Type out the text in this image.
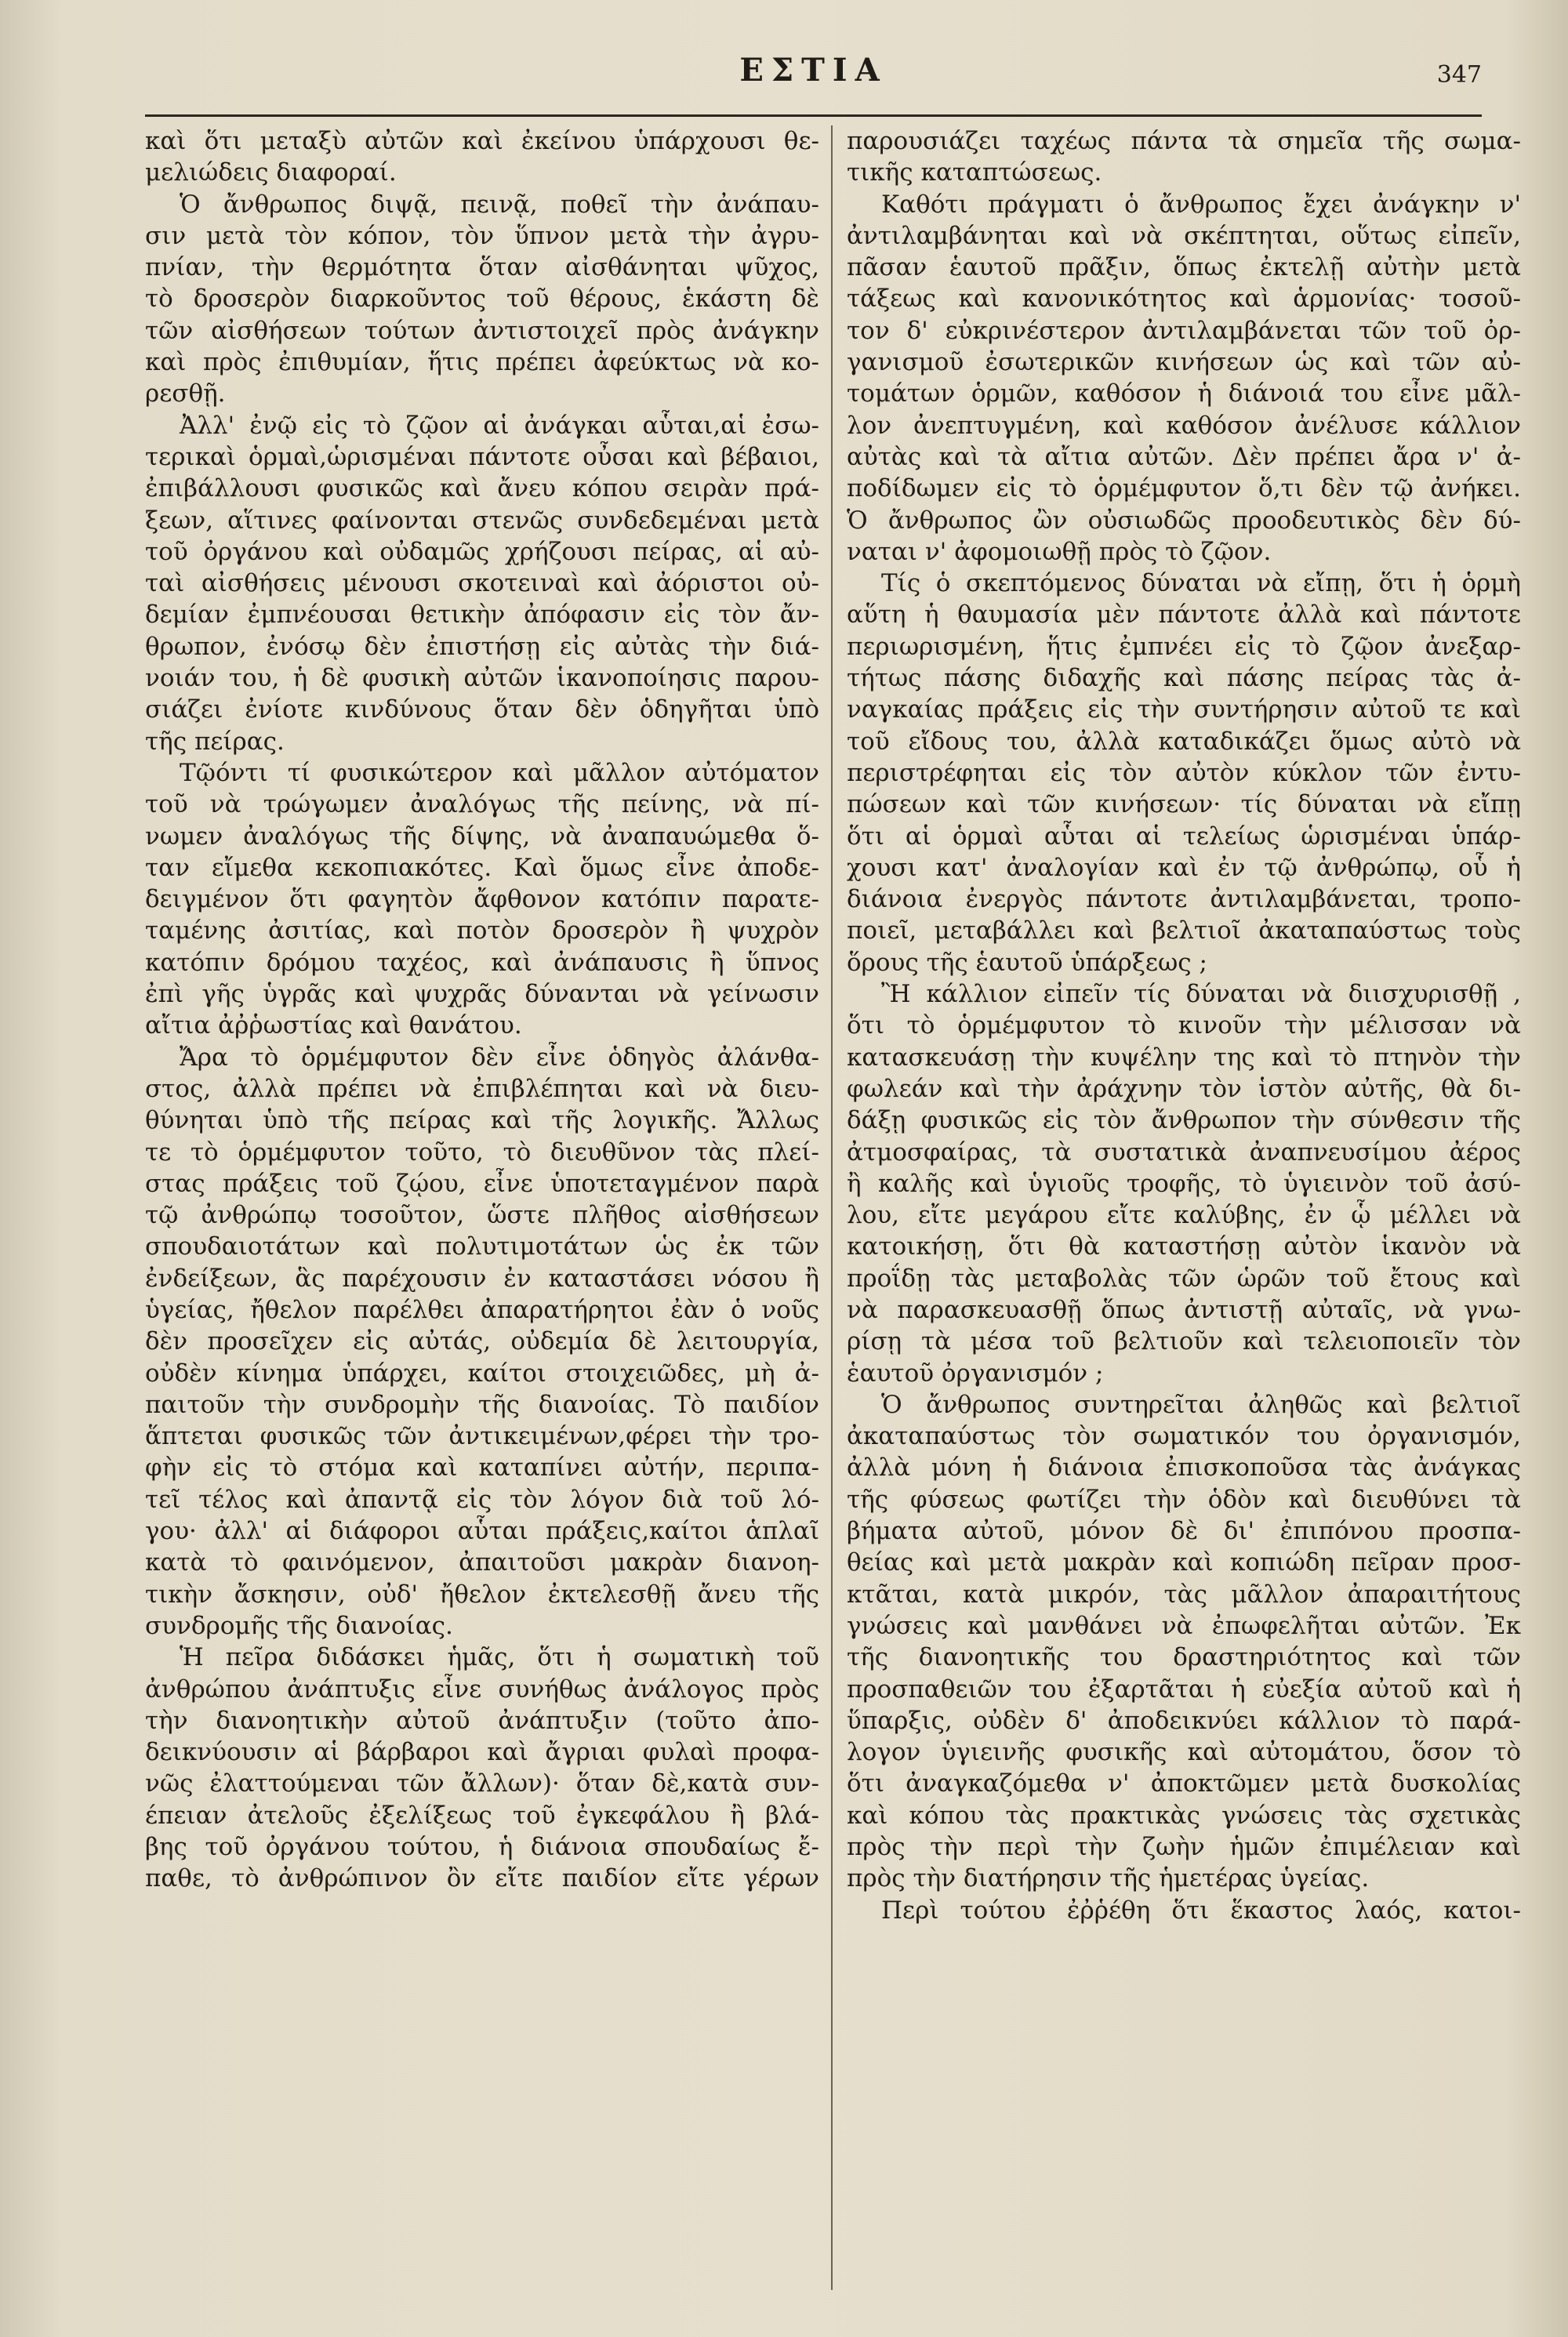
ΕΣΤΙΑ	347
καὶ ὅτι μεταξὺ αὐτῶν καὶ ἐκείνου ὑπάρχουσι θε-
μελιώδεις διαφοραί.
Ὁ ἄνθρωπος διψᾷ, πεινᾷ, ποθεῖ τὴν ἀνάπαυ-
σιν μετὰ τὸν κόπον, τὸν ὕπνον μετὰ τὴν ἀγρυ-
πνίαν, τὴν θερμότητα ὅταν αἰσθάνηται ψῦχος,
τὸ δροσερὸν διαρκοῦντος τοῦ θέρους, ἑκάστη δὲ
τῶν αἰσθήσεων τούτων ἀντιστοιχεῖ πρὸς ἀνάγκην
καὶ πρὸς ἐπιθυμίαν, ἥτις πρέπει ἀφεύκτως νὰ κο-
ρεσθῇ.
Ἀλλ' ἐνῷ εἰς τὸ ζῷον αἱ ἀνάγκαι αὗται,αἱ ἐσω-
τερικαὶ ὁρμαὶ,ὡρισμέναι πάντοτε οὖσαι καὶ βέβαιοι,
ἐπιβάλλουσι φυσικῶς καὶ ἄνευ κόπου σειρὰν πρά-
ξεων, αἵτινες φαίνονται στενῶς συνδεδεμέναι μετὰ
τοῦ ὀργάνου καὶ οὐδαμῶς χρήζουσι πείρας, αἱ αὐ-
ταὶ αἰσθήσεις μένουσι σκοτειναὶ καὶ ἀόριστοι οὐ-
δεμίαν ἐμπνέουσαι θετικὴν ἀπόφασιν εἰς τὸν ἄν-
θρωπον, ἐνόσῳ δὲν ἐπιστήσῃ εἰς αὐτὰς τὴν διά-
νοιάν του, ἡ δὲ φυσικὴ αὐτῶν ἱκανοποίησις παρου-
σιάζει ἐνίοτε κινδύνους ὅταν δὲν ὁδηγῆται ὑπὸ
τῆς πείρας.
Τῷόντι τί φυσικώτερον καὶ μᾶλλον αὐτόματον
τοῦ νὰ τρώγωμεν ἀναλόγως τῆς πείνης, νὰ πί-
νωμεν ἀναλόγως τῆς δίψης, νὰ ἀναπαυώμεθα ὅ-
ταν εἴμεθα κεκοπιακότες. Καὶ ὅμως εἶνε ἀποδε-
δειγμένον ὅτι φαγητὸν ἄφθονον κατόπιν παρατε-
ταμένης ἀσιτίας, καὶ ποτὸν δροσερὸν ἢ ψυχρὸν
κατόπιν δρόμου ταχέος, καὶ ἀνάπαυσις ἢ ὕπνος
ἐπὶ γῆς ὑγρᾶς καὶ ψυχρᾶς δύνανται νὰ γείνωσιν
αἴτια ἀῤῥωστίας καὶ θανάτου.
Ἄρα τὸ ὁρμέμφυτον δὲν εἶνε ὁδηγὸς ἀλάνθα-
στος, ἀλλὰ πρέπει νὰ ἐπιβλέπηται καὶ νὰ διευ-
θύνηται ὑπὸ τῆς πείρας καὶ τῆς λογικῆς. Ἄλλως
τε τὸ ὁρμέμφυτον τοῦτο, τὸ διευθῦνον τὰς πλεί-
στας πράξεις τοῦ ζῴου, εἶνε ὑποτεταγμένον παρὰ
τῷ ἀνθρώπῳ τοσοῦτον, ὥστε πλῆθος αἰσθήσεων
σπουδαιοτάτων καὶ πολυτιμοτάτων ὡς ἐκ τῶν
ἐνδείξεων, ἃς παρέχουσιν ἐν καταστάσει νόσου ἢ
ὑγείας, ἤθελον παρέλθει ἀπαρατήρητοι ἐὰν ὁ νοῦς
δὲν προσεῖχεν εἰς αὐτάς, οὐδεμία δὲ λειτουργία,
οὐδὲν κίνημα ὑπάρχει, καίτοι στοιχειῶδες, μὴ ἀ-
παιτοῦν τὴν συνδρομὴν τῆς διανοίας. Τὸ παιδίον
ἅπτεται φυσικῶς τῶν ἀντικειμένων,φέρει τὴν τρο-
φὴν εἰς τὸ στόμα καὶ καταπίνει αὐτήν, περιπα-
τεῖ τέλος καὶ ἀπαντᾷ εἰς τὸν λόγον διὰ τοῦ λό-
γου· ἀλλ' αἱ διάφοροι αὗται πράξεις,καίτοι ἁπλαῖ
κατὰ τὸ φαινόμενον, ἀπαιτοῦσι μακρὰν διανοη-
τικὴν ἄσκησιν, οὐδ' ἤθελον ἐκτελεσθῇ ἄνευ τῆς
συνδρομῆς τῆς διανοίας.
Ἡ πεῖρα διδάσκει ἡμᾶς, ὅτι ἡ σωματικὴ τοῦ
ἀνθρώπου ἀνάπτυξις εἶνε συνήθως ἀνάλογος πρὸς
τὴν διανοητικὴν αὐτοῦ ἀνάπτυξιν (τοῦτο ἀπο-
δεικνύουσιν αἱ βάρβαροι καὶ ἄγριαι φυλαὶ προφα-
νῶς ἐλαττούμεναι τῶν ἄλλων)· ὅταν δὲ,κατὰ συν-
έπειαν ἀτελοῦς ἐξελίξεως τοῦ ἐγκεφάλου ἢ βλά-
βης τοῦ ὀργάνου τούτου, ἡ διάνοια σπουδαίως ἔ-
παθε, τὸ ἀνθρώπινον ὂν εἴτε παιδίον εἴτε γέρων
παρουσιάζει ταχέως πάντα τὰ σημεῖα τῆς σωμα-
τικῆς καταπτώσεως.
Καθότι πράγματι ὁ ἄνθρωπος ἔχει ἀνάγκην ν'
ἀντιλαμβάνηται καὶ νὰ σκέπτηται, οὕτως εἰπεῖν,
πᾶσαν ἑαυτοῦ πρᾶξιν, ὅπως ἐκτελῇ αὐτὴν μετὰ
τάξεως καὶ κανονικότητος καὶ ἁρμονίας· τοσοῦ-
τον δ' εὐκρινέστερον ἀντιλαμβάνεται τῶν τοῦ ὀρ-
γανισμοῦ ἐσωτερικῶν κινήσεων ὡς καὶ τῶν αὐ-
τομάτων ὁρμῶν, καθόσον ἡ διάνοιά του εἶνε μᾶλ-
λον ἀνεπτυγμένη, καὶ καθόσον ἀνέλυσε κάλλιον
αὐτὰς καὶ τὰ αἴτια αὐτῶν. Δὲν πρέπει ἄρα ν' ἀ-
ποδίδωμεν εἰς τὸ ὁρμέμφυτον ὅ,τι δὲν τῷ ἀνήκει.
Ὁ ἄνθρωπος ὢν οὐσιωδῶς προοδευτικὸς δὲν δύ-
ναται ν' ἀφομοιωθῇ πρὸς τὸ ζῷον.
Τίς ὁ σκεπτόμενος δύναται νὰ εἴπῃ, ὅτι ἡ ὁρμὴ
αὕτη ἡ θαυμασία μὲν πάντοτε ἀλλὰ καὶ πάντοτε
περιωρισμένη, ἥτις ἐμπνέει εἰς τὸ ζῷον ἀνεξαρ-
τήτως πάσης διδαχῆς καὶ πάσης πείρας τὰς ἀ-
ναγκαίας πράξεις εἰς τὴν συντήρησιν αὐτοῦ τε καὶ
τοῦ εἴδους του, ἀλλὰ καταδικάζει ὅμως αὐτὸ νὰ
περιστρέφηται εἰς τὸν αὐτὸν κύκλον τῶν ἐντυ-
πώσεων καὶ τῶν κινήσεων· τίς δύναται νὰ εἴπῃ
ὅτι αἱ ὁρμαὶ αὗται αἱ τελείως ὡρισμέναι ὑπάρ-
χουσι κατ' ἀναλογίαν καὶ ἐν τῷ ἀνθρώπῳ, οὗ ἡ
διάνοια ἐνεργὸς πάντοτε ἀντιλαμβάνεται, τροπο-
ποιεῖ, μεταβάλλει καὶ βελτιοῖ ἀκαταπαύστως τοὺς
ὅρους τῆς ἑαυτοῦ ὑπάρξεως ;
Ἢ κάλλιον εἰπεῖν τίς δύναται νὰ διισχυρισθῇ ,
ὅτι τὸ ὁρμέμφυτον τὸ κινοῦν τὴν μέλισσαν νὰ
κατασκευάσῃ τὴν κυψέλην της καὶ τὸ πτηνὸν τὴν
φωλεάν καὶ τὴν ἀράχνην τὸν ἱστὸν αὐτῆς, θὰ δι-
δάξῃ φυσικῶς εἰς τὸν ἄνθρωπον τὴν σύνθεσιν τῆς
ἀτμοσφαίρας, τὰ συστατικὰ ἀναπνευσίμου ἀέρος
ἢ καλῆς καὶ ὑγιοῦς τροφῆς, τὸ ὑγιεινὸν τοῦ ἀσύ-
λου, εἴτε μεγάρου εἴτε καλύβης, ἐν ᾧ μέλλει νὰ
κατοικήσῃ, ὅτι θὰ καταστήσῃ αὐτὸν ἱκανὸν νὰ
προΐδῃ τὰς μεταβολὰς τῶν ὡρῶν τοῦ ἔτους καὶ
νὰ παρασκευασθῇ ὅπως ἀντιστῇ αὐταῖς, νὰ γνω-
ρίσῃ τὰ μέσα τοῦ βελτιοῦν καὶ τελειοποιεῖν τὸν
ἑαυτοῦ ὀργανισμόν ;
Ὁ ἄνθρωπος συντηρεῖται ἀληθῶς καὶ βελτιοῖ
ἀκαταπαύστως τὸν σωματικόν του ὀργανισμόν,
ἀλλὰ μόνη ἡ διάνοια ἐπισκοποῦσα τὰς ἀνάγκας
τῆς φύσεως φωτίζει τὴν ὁδὸν καὶ διευθύνει τὰ
βήματα αὐτοῦ, μόνον δὲ δι' ἐπιπόνου προσπα-
θείας καὶ μετὰ μακρὰν καὶ κοπιώδη πεῖραν προσ-
κτᾶται, κατὰ μικρόν, τὰς μᾶλλον ἀπαραιτήτους
γνώσεις καὶ μανθάνει νὰ ἐπωφελῆται αὐτῶν. Ἐκ
τῆς διανοητικῆς του δραστηριότητος καὶ τῶν
προσπαθειῶν του ἐξαρτᾶται ἡ εὐεξία αὐτοῦ καὶ ἡ
ὕπαρξις, οὐδὲν δ' ἀποδεικνύει κάλλιον τὸ παρά-
λογον ὑγιεινῆς φυσικῆς καὶ αὐτομάτου, ὅσον τὸ
ὅτι ἀναγκαζόμεθα ν' ἀποκτῶμεν μετὰ δυσκολίας
καὶ κόπου τὰς πρακτικὰς γνώσεις τὰς σχετικὰς
πρὸς τὴν περὶ τὴν ζωὴν ἡμῶν ἐπιμέλειαν καὶ
πρὸς τὴν διατήρησιν τῆς ἡμετέρας ὑγείας.
Περὶ τούτου ἐῤῥέθη ὅτι ἕκαστος λαός, κατοι-
